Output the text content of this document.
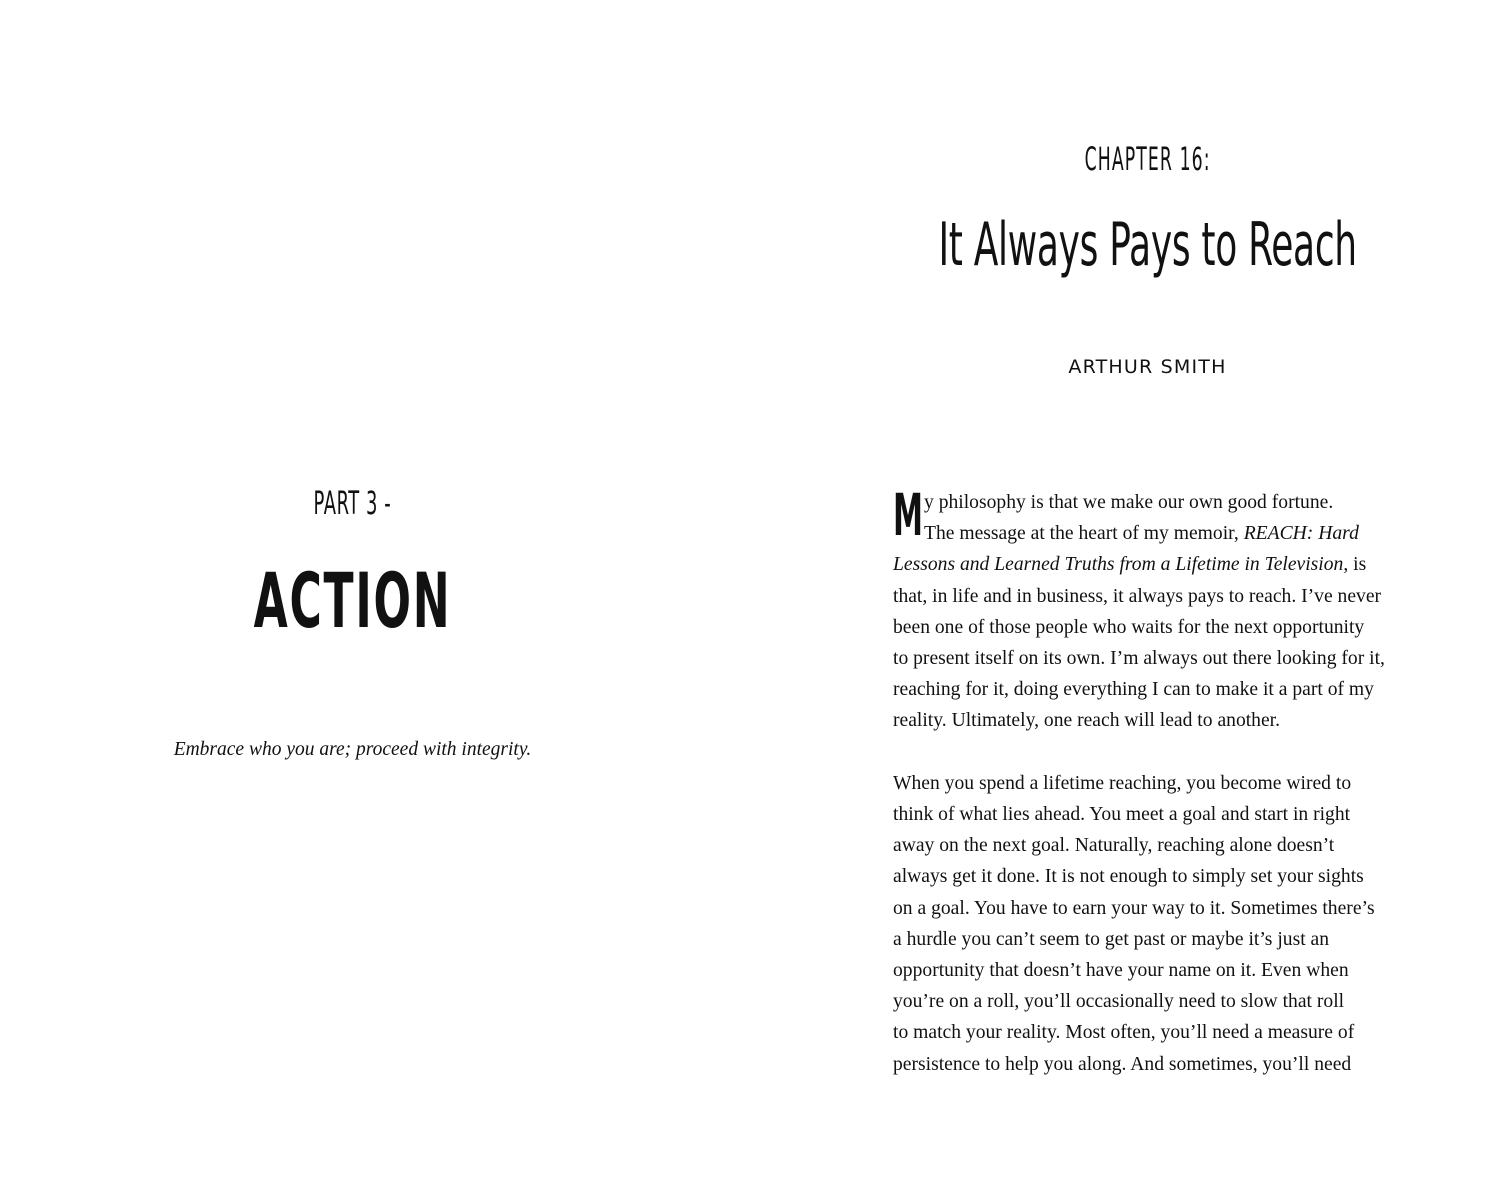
PART 3 -
ACTION
Embrace who you are; proceed with integrity.
CHAPTER 16:
It Always Pays to Reach
ARTHUR SMITH
M y philosophy is that we make our own good fortune.
The message at the heart of my memoir, REACH: Hard
Lessons and Learned Truths from a Lifetime in Television, is
that, in life and in business, it always pays to reach. I’ve never
been one of those people who waits for the next opportunity
to present itself on its own. I’m always out there looking for it,
reaching for it, doing everything I can to make it a part of my
reality. Ultimately, one reach will lead to another.
When you spend a lifetime reaching, you become wired to
think of what lies ahead. You meet a goal and start in right
away on the next goal. Naturally, reaching alone doesn’t
always get it done. It is not enough to simply set your sights
on a goal. You have to earn your way to it. Sometimes there’s
a hurdle you can’t seem to get past or maybe it’s just an
opportunity that doesn’t have your name on it. Even when
you’re on a roll, you’ll occasionally need to slow that roll
to match your reality. Most often, you’ll need a measure of
persistence to help you along. And sometimes, you’ll need
